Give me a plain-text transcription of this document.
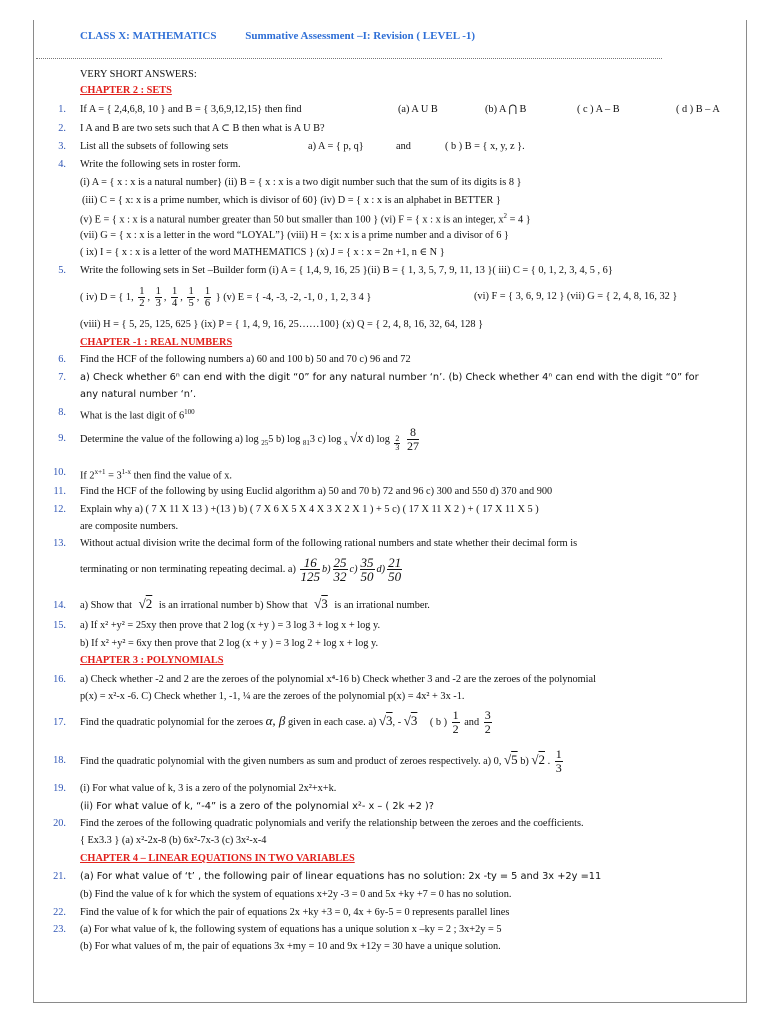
CLASS X: MATHEMATICS	Summative Assessment –I: Revision ( LEVEL -1)
VERY SHORT ANSWERS:
CHAPTER 2 : SETS
1. If A = { 2,4,6,8, 10 } and B = { 3,6,9,12,15} then find	(a) A U B	(b) A ⋂ B	( c ) A – B	( d ) B – A
2. I A and B are two sets such that A ⊂ B then what is A U B?
3. List all the subsets of following sets	a) A = { p, q}	and	( b ) B = { x, y, z }.
4. Write the following sets in roster form.
(i) A = { x : x is a natural number} (ii) B = { x : x is a two digit number such that the sum of its digits is 8 }
(iii) C = { x: x is a prime number, which is divisor of 60} (iv) D = { x : x is an alphabet in BETTER }
(v) E = { x : x is a natural number greater than 50 but smaller than 100 } (vi) F = { x : x is an integer, $x^2 = 4$ }
(vii) G = { x : x is a letter in the word “LOYAL”} (viii) H = {x: x is a prime number and a divisor of 6 }
( ix) I = { x : x is a letter of the word MATHEMATICS } (x) J = { x : x = 2n +1, n ∈ N }
5. Write the following sets in Set –Builder form (i) A = { 1,4, 9, 16, 25 }(ii) B = { 1, 3, 5, 7, 9, 11, 13 }( iii) C = { 0, 1, 2, 3, 4, 5 , 6}
( iv) D = { 1, $\frac{1}{2}$ , $\frac{1}{3}$ , $\frac{1}{4}$ , $\frac{1}{5}$ , $\frac{1}{6}$ } (v) E = { -4, -3, -2, -1, 0 , 1, 2, 3 4 }	(vi) F = { 3, 6, 9, 12 } (vii) G = { 2, 4, 8, 16, 32 }
(viii) H = { 5, 25, 125, 625 } (ix) P = { 1, 4, 9, 16, 25……100} (x) Q = { 2, 4, 8, 16, 32, 64, 128 }
CHAPTER -1 : REAL NUMBERS
6. Find the HCF of the following numbers a) 60 and 100 b) 50 and 70 c) 96 and 72
7. a) Check whether 6ⁿ can end with the digit “0” for any natural number ‘n’. (b) Check whether 4ⁿ can end with the digit “0” for
any natural number ‘n’.
8. What is the last digit of $6^{100}$
9. Determine the value of the following a) log $_{25}$5 b) log $_{81}$3 c) log $_x$ √x d) $\log \frac{2}{3}$
$\frac{8}{27}$
10. If $2^{x+1} = 3^{1-x}$ then find the value of x.
11. Find the HCF of the following by using Euclid algorithm a) 50 and 70 b) 72 and 96 c) 300 and 550 d) 370 and 900
12. Explain why a) ( 7 X 11 X 13 ) +(13 ) b) ( 7 X 6 X 5 X 4 X 3 X 2 X 1 ) + 5 c) ( 17 X 11 X 2 ) + ( 17 X 11 X 5 )
are composite numbers.
13. Without actual division write the decimal form of the following rational numbers and state whether their decimal form is
terminating or non terminating repeating decimal. $a) \frac{16}{125} b) \frac{25}{32} c) \frac{35}{50} d) \frac{21}{50}$
14. a) Show that √2 is an irrational number b) Show that √3 is an irrational number.
15. a) If x² +y² = 25xy then prove that 2 log (x +y ) = 3 log 3 + log x + log y.
b) If x² +y² = 6xy then prove that 2 log (x + y ) = 3 log 2 + log x + log y.
CHAPTER 3 : POLYNOMIALS
16. a) Check whether -2 and 2 are the zeroes of the polynomial x⁴-16 b) Check whether 3 and -2 are the zeroes of the polynomial
p(x) = x²-x -6. C) Check whether 1, -1, ¼ are the zeroes of the polynomial p(x) = 4x² + 3x -1.
17. Find the quadratic polynomial for the zeroes α, β given in each case. a) √3, - √3 ( b ) $\frac{1}{2}$ and $\frac{3}{2}$
18. Find the quadratic polynomial with the given numbers as sum and product of zeroes respectively. a) 0, √5 b) √2 . $\frac{1}{3}$
19. (i) For what value of k, 3 is a zero of the polynomial 2x²+x+k.
(ii) For what value of k, “-4” is a zero of the polynomial x²- x – ( 2k +2 )?
20. Find the zeroes of the following quadratic polynomials and verify the relationship between the zeroes and the coefficients.
{ Ex3.3 } (a) x²-2x-8 (b) 6x²-7x-3 (c) 3x²-x-4
CHAPTER 4 – LINEAR EQUATIONS IN TWO VARIABLES
21. (a) For what value of ‘t’ , the following pair of linear equations has no solution: 2x -ty = 5 and 3x +2y =11
(b) Find the value of k for which the system of equations x+2y -3 = 0 and 5x +ky +7 = 0 has no solution.
22. Find the value of k for which the pair of equations 2x +ky +3 = 0, 4x + 6y-5 = 0 represents parallel lines
23. (a) For what value of k, the following system of equations has a unique solution x –ky = 2 ; 3x+2y = 5
(b) For what values of m, the pair of equations 3x +my = 10 and 9x +12y = 30 have a unique solution.
